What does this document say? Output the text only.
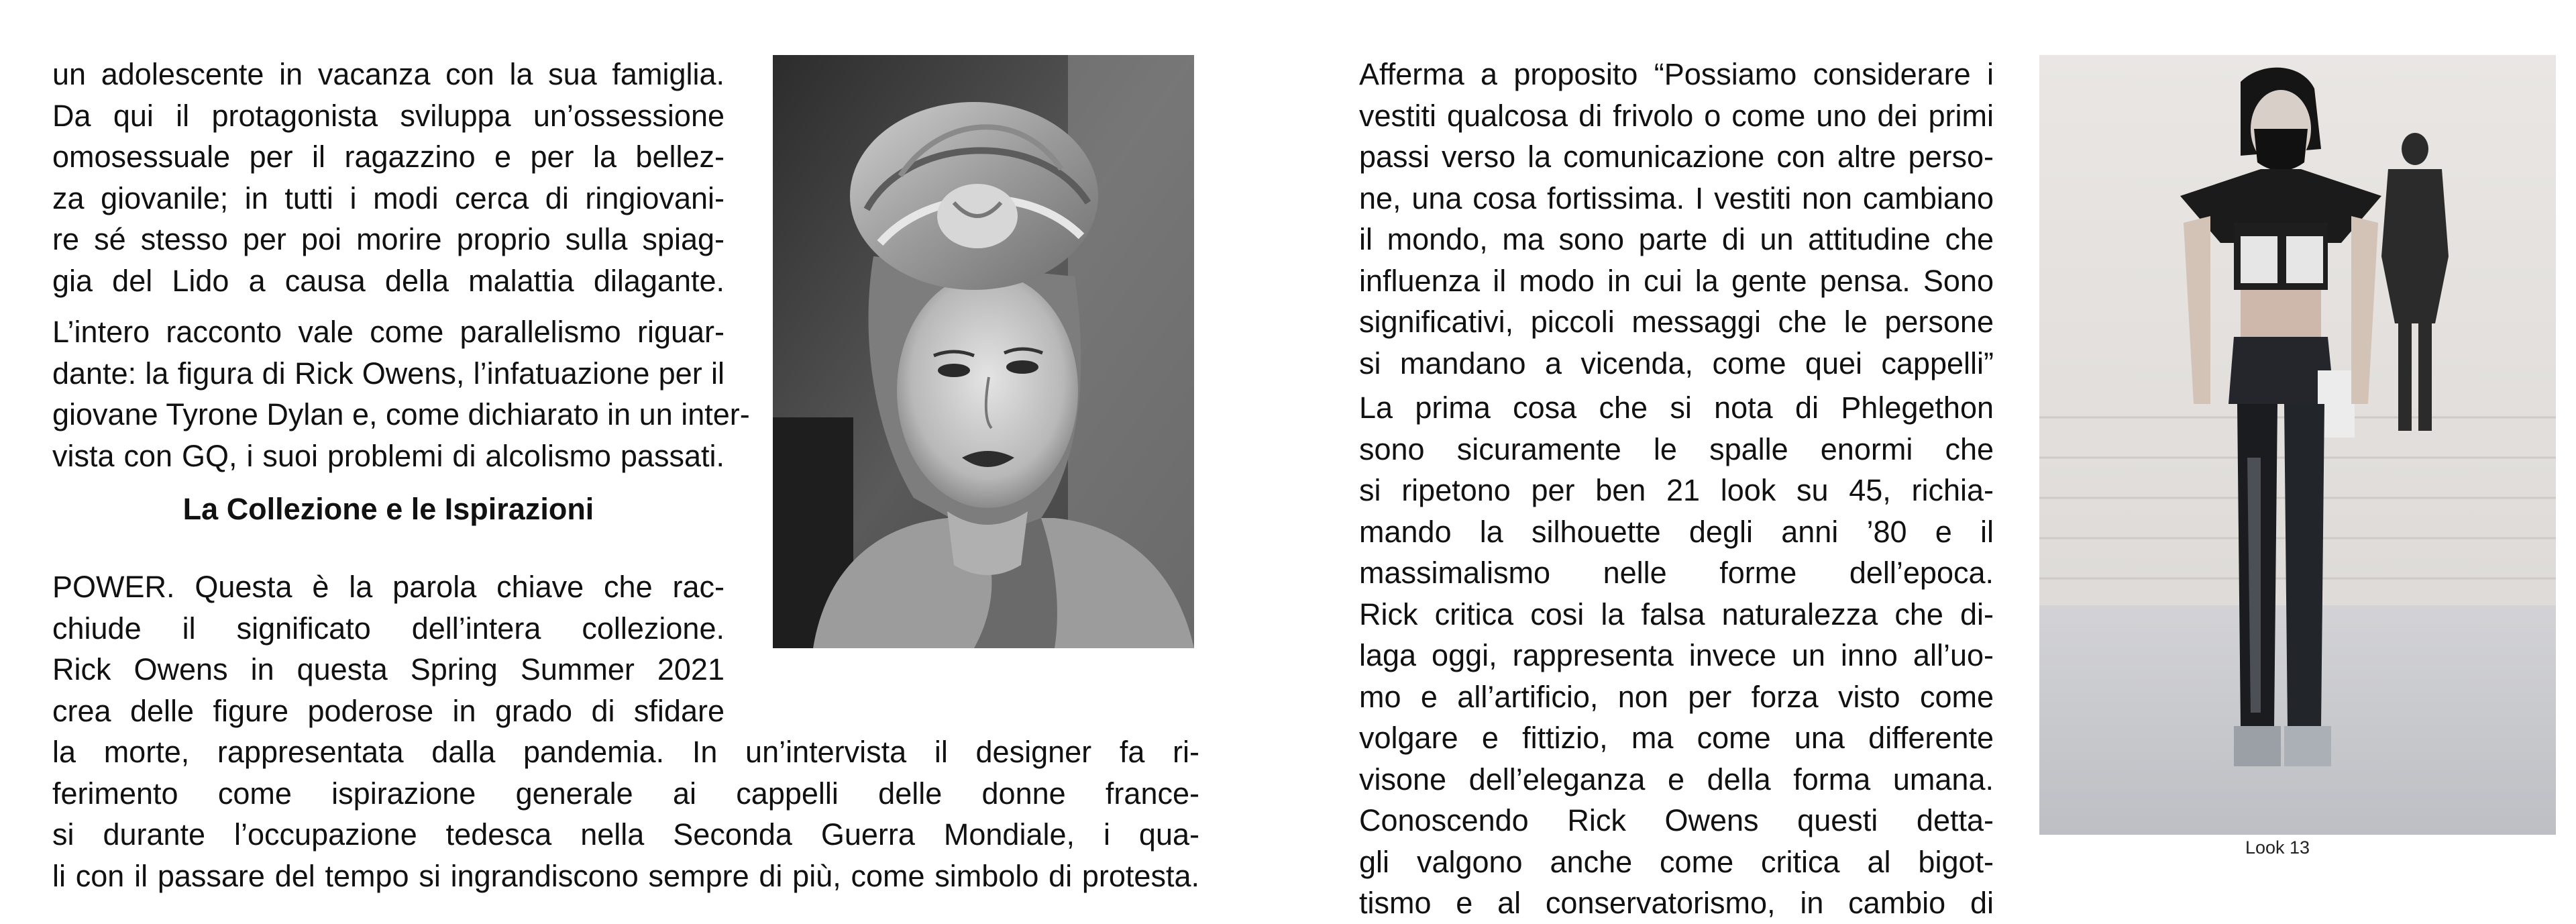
un adolescente in vacanza con la sua famiglia.
Da qui il protagonista sviluppa un’ossessione
omosessuale per il ragazzino e per la bellez-
za giovanile; in tutti i modi cerca di ringiovani-
re sé stesso per poi morire proprio sulla spiag-
gia del Lido a causa della malattia dilagante.
L’intero racconto vale come parallelismo riguar-
dante: la figura di Rick Owens, l’infatuazione per il
giovane Tyrone Dylan e, come dichiarato in un inter-
vista con GQ, i suoi problemi di alcolismo passati.
La Collezione e le Ispirazioni
POWER. Questa è la parola chiave che rac-
chiude il significato dell’intera collezione.
Rick Owens in questa Spring Summer 2021
crea delle figure poderose in grado di sfidare
la morte, rappresentata dalla pandemia. In un’intervista il designer fa ri-
ferimento come ispirazione generale ai cappelli delle donne france-
si durante l’occupazione tedesca nella Seconda Guerra Mondiale, i qua-
li con il passare del tempo si ingrandiscono sempre di più, come simbolo di protesta.
Afferma a proposito “Possiamo considerare i
vestiti qualcosa di frivolo o come uno dei primi
passi verso la comunicazione con altre perso-
ne, una cosa fortissima. I vestiti non cambiano
il mondo, ma sono parte di un attitudine che
influenza il modo in cui la gente pensa. Sono
significativi, piccoli messaggi che le persone
si mandano a vicenda, come quei cappelli”
La prima cosa che si nota di Phlegethon
sono sicuramente le spalle enormi che
si ripetono per ben 21 look su 45, richia-
mando la silhouette degli anni ’80 e il
massimalismo nelle forme dell’epoca.
Rick critica cosi la falsa naturalezza che di-
laga oggi, rappresenta invece un inno all’uo-
mo e all’artificio, non per forza visto come
volgare e fittizio, ma come una differente
visone dell’eleganza e della forma umana.
Conoscendo Rick Owens questi detta-
gli valgono anche come critica al bigot-
tismo e al conservatorismo, in cambio di
Look 13
